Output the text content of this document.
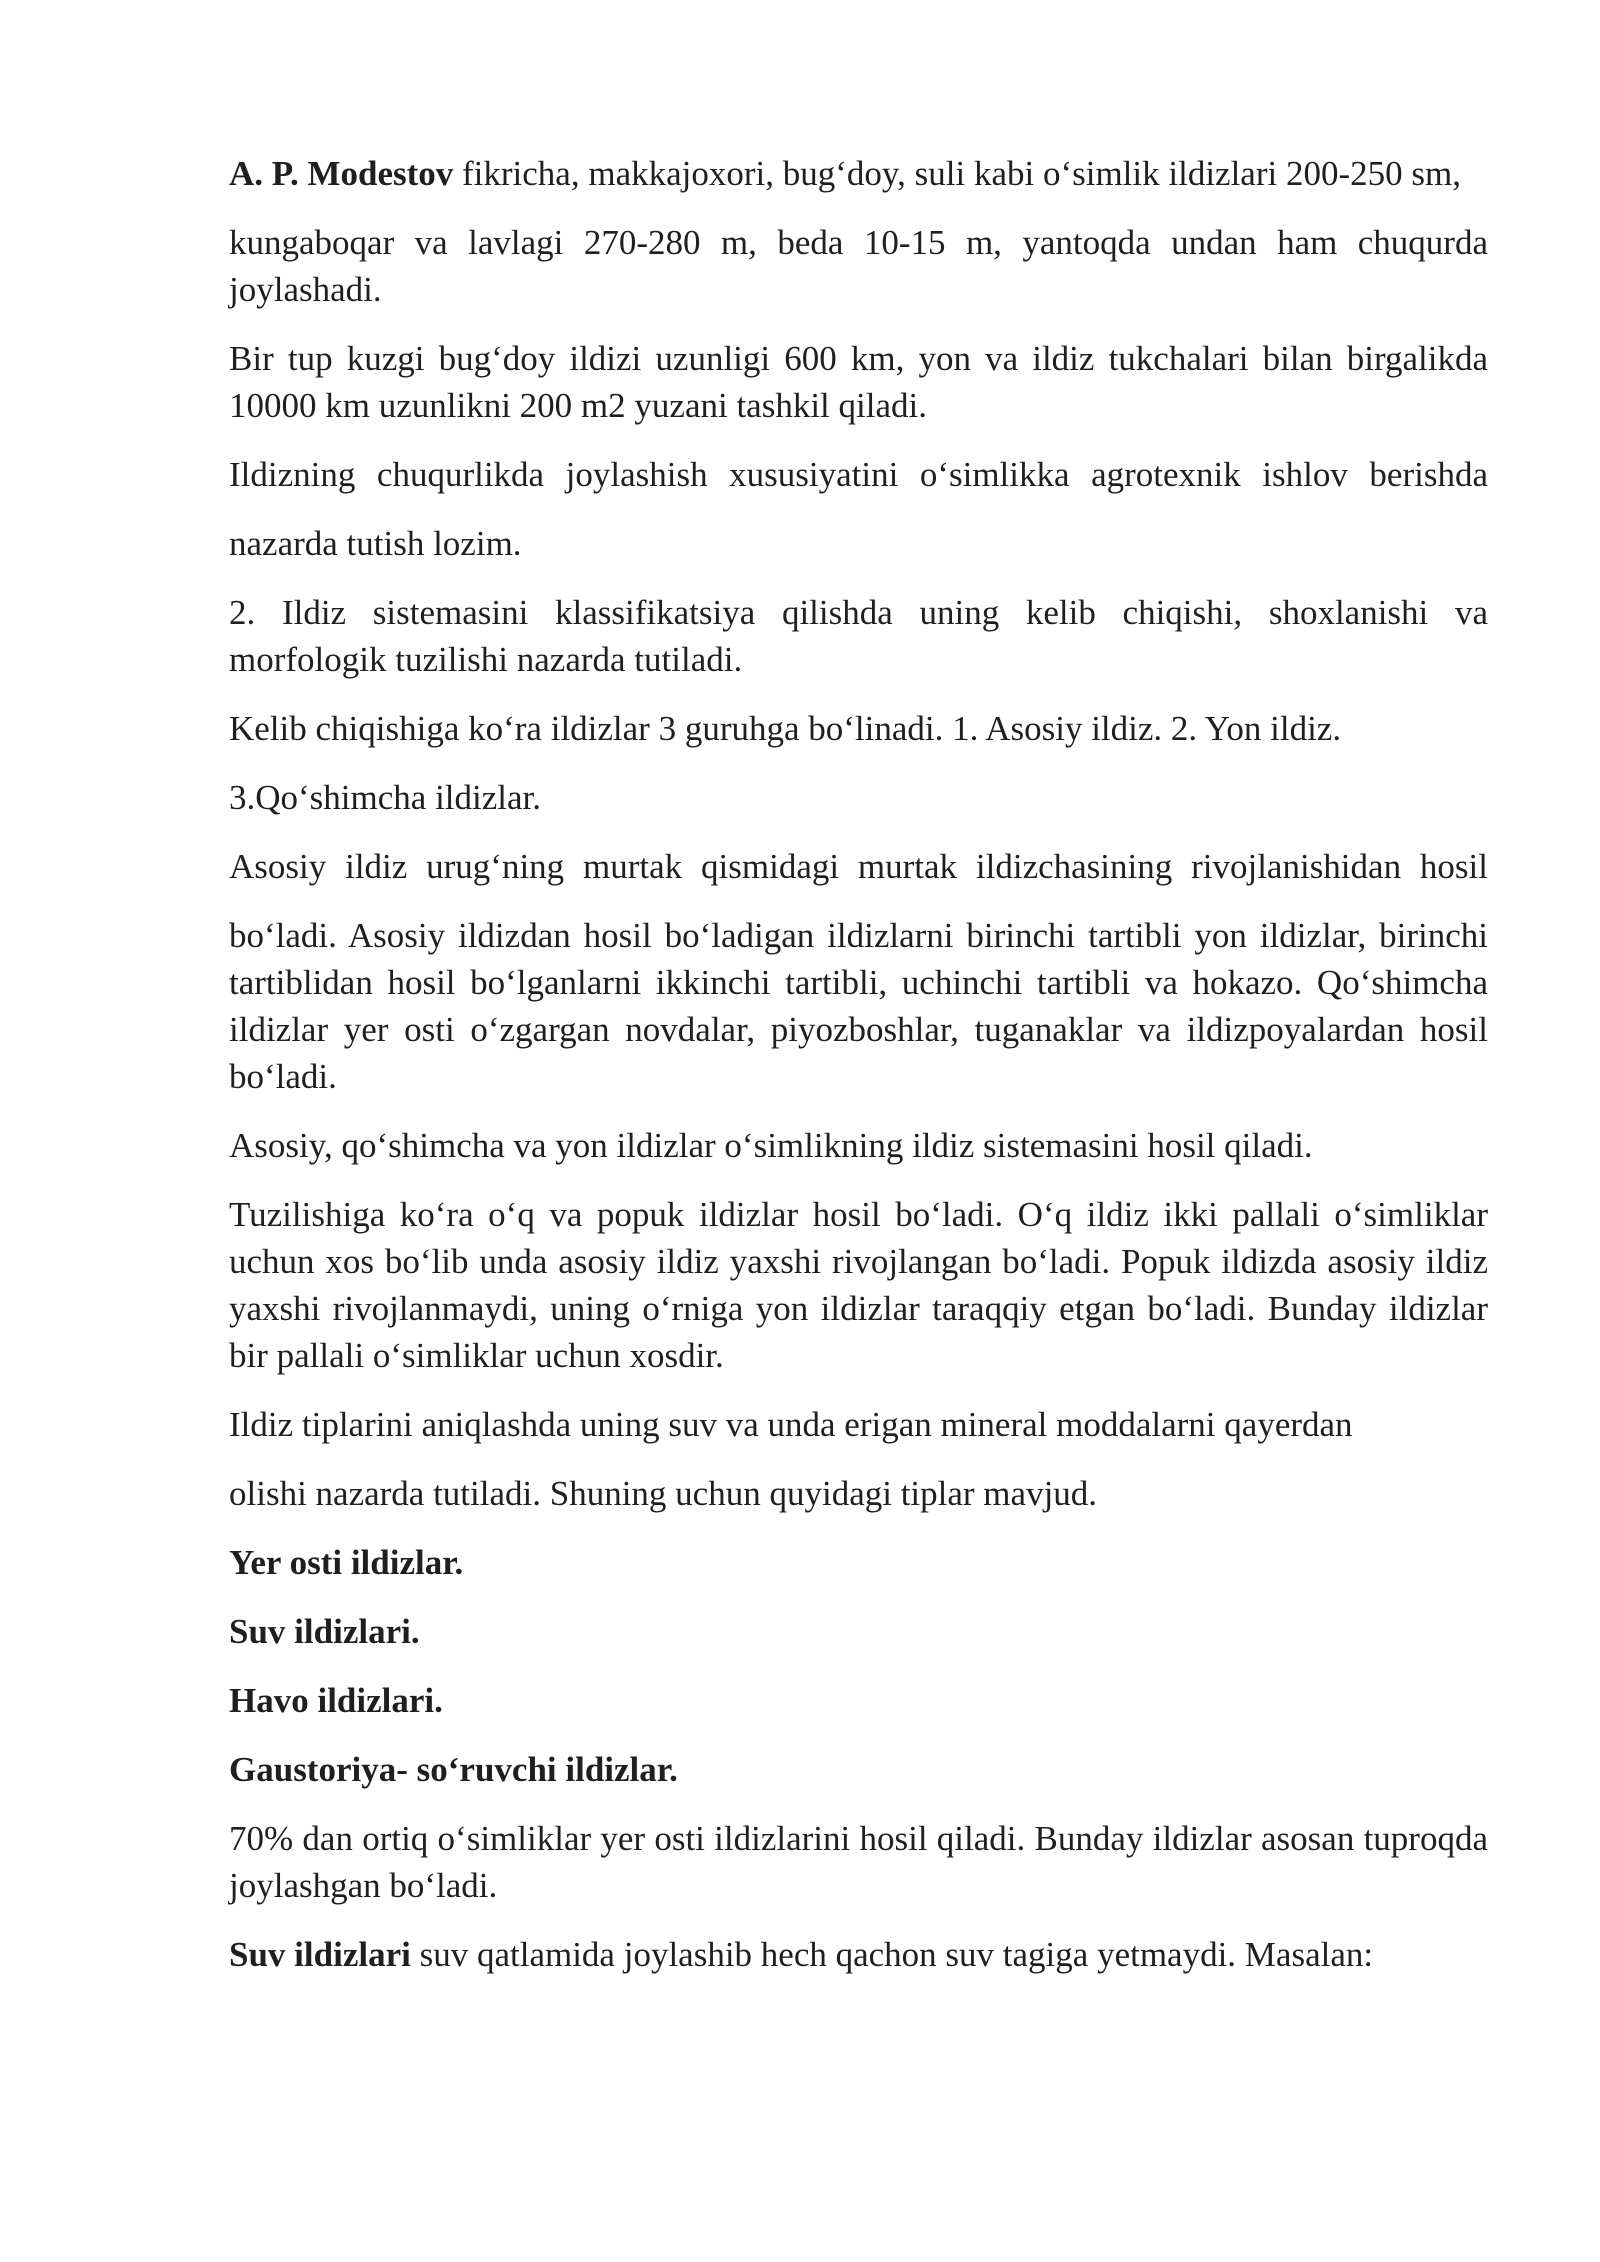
A. P. Modestov fikricha, makkajoxori, bug‘doy, suli kabi o‘simlik ildizlari 200-250 sm,

kungaboqar va lavlagi 270-280 m, beda 10-15 m, yantoqda undan ham chuqurda joylashadi.

Bir tup kuzgi bug‘doy ildizi uzunligi 600 km, yon va ildiz tukchalari bilan birgalikda 10000 km uzunlikni 200 m2 yuzani tashkil qiladi.

Ildizning chuqurlikda joylashish xususiyatini o‘simlikka agrotexnik ishlov berishda

nazarda tutish lozim.

2. Ildiz sistemasini klassifikatsiya qilishda uning kelib chiqishi, shoxlanishi va morfologik tuzilishi nazarda tutiladi.

Kelib chiqishiga ko‘ra ildizlar 3 guruhga bo‘linadi. 1. Asosiy ildiz. 2. Yon ildiz.

3.Qo‘shimcha ildizlar.

Asosiy ildiz urug‘ning murtak qismidagi murtak ildizchasining rivojlanishidan hosil

bo‘ladi. Asosiy ildizdan hosil bo‘ladigan ildizlarni birinchi tartibli yon ildizlar, birinchi tartiblidan hosil bo‘lganlarni ikkinchi tartibli, uchinchi tartibli va hokazo. Qo‘shimcha ildizlar yer osti o‘zgargan novdalar, piyozboshlar, tuganaklar va ildizpoyalardan hosil bo‘ladi.

Asosiy, qo‘shimcha va yon ildizlar o‘simlikning ildiz sistemasini hosil qiladi.

Tuzilishiga ko‘ra o‘q va popuk ildizlar hosil bo‘ladi. O‘q ildiz ikki pallali o‘simliklar uchun xos bo‘lib unda asosiy ildiz yaxshi rivojlangan bo‘ladi. Popuk ildizda asosiy ildiz yaxshi rivojlanmaydi, uning o‘rniga yon ildizlar taraqqiy etgan bo‘ladi. Bunday ildizlar bir pallali o‘simliklar uchun xosdir.

Ildiz tiplarini aniqlashda uning suv va unda erigan mineral moddalarni qayerdan

olishi nazarda tutiladi. Shuning uchun quyidagi tiplar mavjud.

Yer osti ildizlar.

Suv ildizlari.

Havo ildizlari.

Gaustoriya- so‘ruvchi ildizlar.

70% dan ortiq o‘simliklar yer osti ildizlarini hosil qiladi. Bunday ildizlar asosan tuproqda joylashgan bo‘ladi.

Suv ildizlari suv qatlamida joylashib hech qachon suv tagiga yetmaydi. Masalan:
